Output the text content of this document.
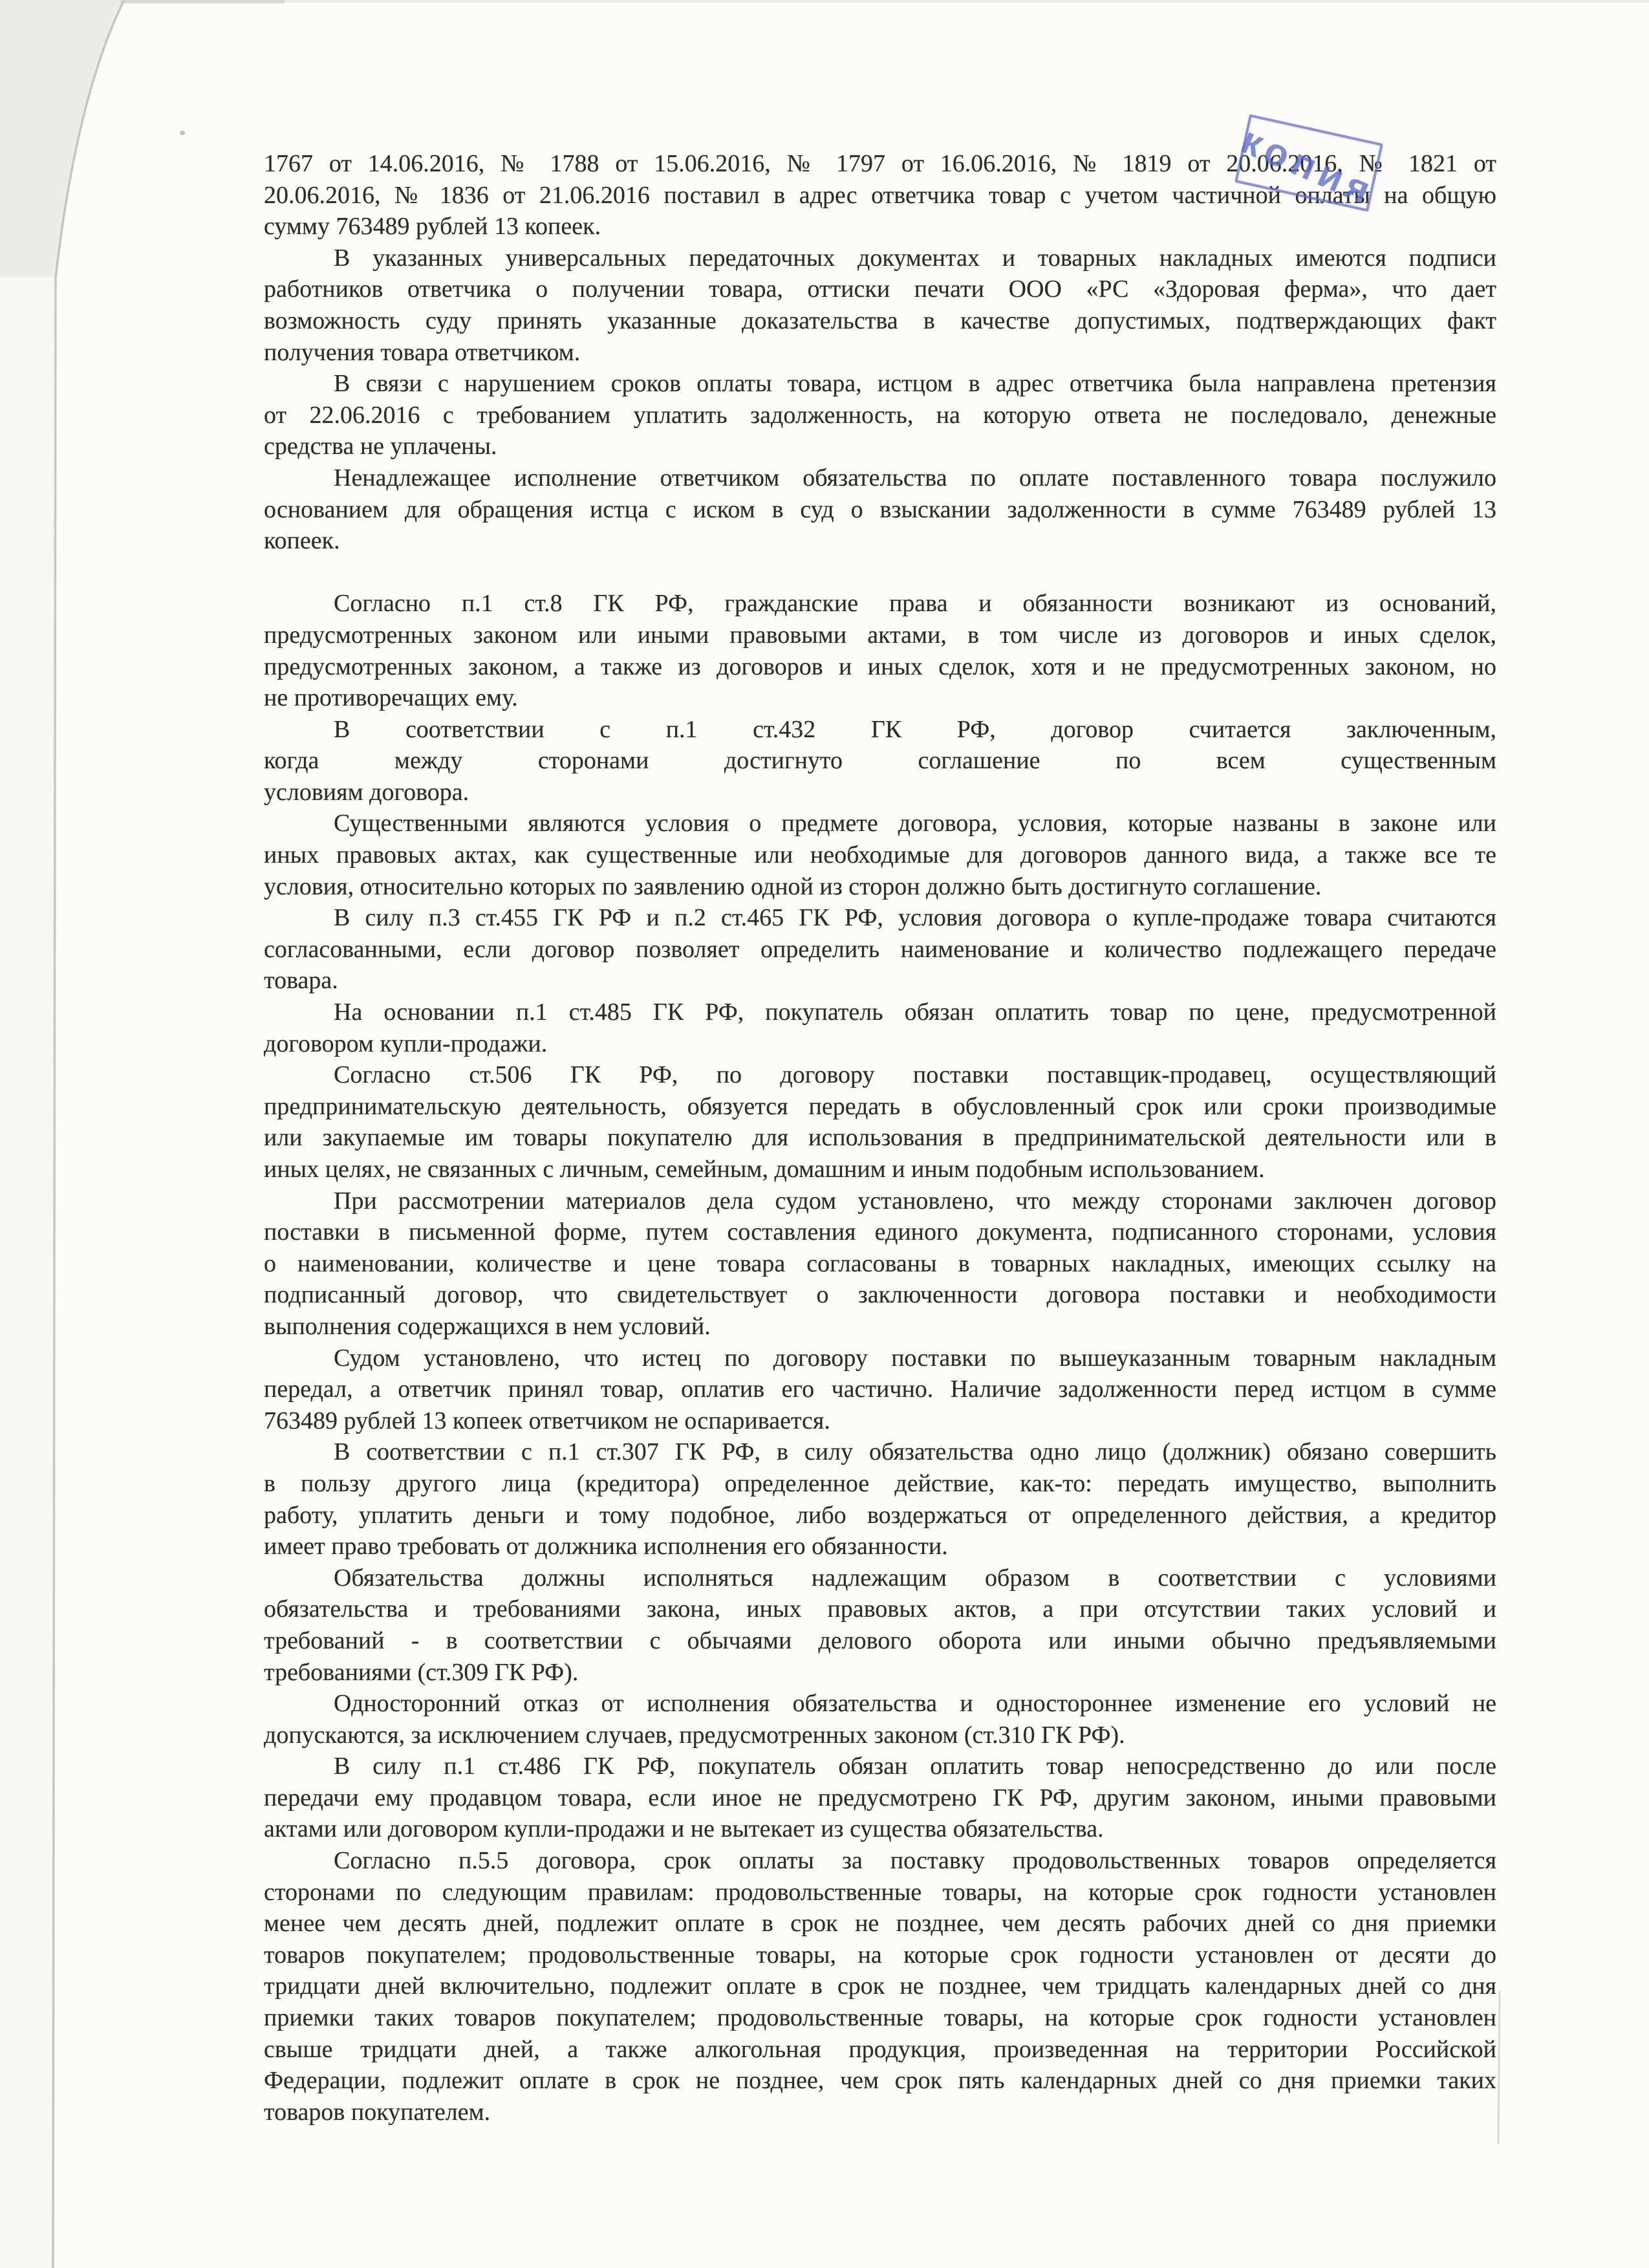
1767 от 14.06.2016, № 1788 от 15.06.2016, № 1797 от 16.06.2016, № 1819 от 20.06.2016, № 1821 от
20.06.2016, № 1836 от 21.06.2016 поставил в адрес ответчика товар с учетом частичной оплаты на общую
сумму 763489 рублей 13 копеек.
В указанных универсальных передаточных документах и товарных накладных имеются подписи
работников ответчика о получении товара, оттиски печати ООО «РС «Здоровая ферма», что дает
возможность суду принять указанные доказательства в качестве допустимых, подтверждающих факт
получения товара ответчиком.
В связи с нарушением сроков оплаты товара, истцом в адрес ответчика была направлена претензия
от 22.06.2016 с требованием уплатить задолженность, на которую ответа не последовало, денежные
средства не уплачены.
Ненадлежащее исполнение ответчиком обязательства по оплате поставленного товара послужило
основанием для обращения истца с иском в суд о взыскании задолженности в сумме 763489 рублей 13
копеек.
Согласно п.1 ст.8 ГК РФ, гражданские права и обязанности возникают из оснований,
предусмотренных законом или иными правовыми актами, в том числе из договоров и иных сделок,
предусмотренных законом, а также из договоров и иных сделок, хотя и не предусмотренных законом, но
не противоречащих ему.
В соответствии с п.1 ст.432 ГК РФ, договор считается заключенным,
когда между сторонами достигнуто соглашение по всем существенным
условиям договора.
Существенными являются условия о предмете договора, условия, которые названы в законе или
иных правовых актах, как существенные или необходимые для договоров данного вида, а также все те
условия, относительно которых по заявлению одной из сторон должно быть достигнуто соглашение.
В силу п.3 ст.455 ГК РФ и п.2 ст.465 ГК РФ, условия договора о купле-продаже товара считаются
согласованными, если договор позволяет определить наименование и количество подлежащего передаче
товара.
На основании п.1 ст.485 ГК РФ, покупатель обязан оплатить товар по цене, предусмотренной
договором купли-продажи.
Согласно ст.506 ГК РФ, по договору поставки поставщик-продавец, осуществляющий
предпринимательскую деятельность, обязуется передать в обусловленный срок или сроки производимые
или закупаемые им товары покупателю для использования в предпринимательской деятельности или в
иных целях, не связанных с личным, семейным, домашним и иным подобным использованием.
При рассмотрении материалов дела судом установлено, что между сторонами заключен договор
поставки в письменной форме, путем составления единого документа, подписанного сторонами, условия
о наименовании, количестве и цене товара согласованы в товарных накладных, имеющих ссылку на
подписанный договор, что свидетельствует о заключенности договора поставки и необходимости
выполнения содержащихся в нем условий.
Судом установлено, что истец по договору поставки по вышеуказанным товарным накладным
передал, а ответчик принял товар, оплатив его частично. Наличие задолженности перед истцом в сумме
763489 рублей 13 копеек ответчиком не оспаривается.
В соответствии с п.1 ст.307 ГК РФ, в силу обязательства одно лицо (должник) обязано совершить
в пользу другого лица (кредитора) определенное действие, как-то: передать имущество, выполнить
работу, уплатить деньги и тому подобное, либо воздержаться от определенного действия, а кредитор
имеет право требовать от должника исполнения его обязанности.
Обязательства должны исполняться надлежащим образом в соответствии с условиями
обязательства и требованиями закона, иных правовых актов, а при отсутствии таких условий и
требований - в соответствии с обычаями делового оборота или иными обычно предъявляемыми
требованиями (ст.309 ГК РФ).
Односторонний отказ от исполнения обязательства и одностороннее изменение его условий не
допускаются, за исключением случаев, предусмотренных законом (ст.310 ГК РФ).
В силу п.1 ст.486 ГК РФ, покупатель обязан оплатить товар непосредственно до или после
передачи ему продавцом товара, если иное не предусмотрено ГК РФ, другим законом, иными правовыми
актами или договором купли-продажи и не вытекает из существа обязательства.
Согласно п.5.5 договора, срок оплаты за поставку продовольственных товаров определяется
сторонами по следующим правилам: продовольственные товары, на которые срок годности установлен
менее чем десять дней, подлежит оплате в срок не позднее, чем десять рабочих дней со дня приемки
товаров покупателем; продовольственные товары, на которые срок годности установлен от десяти до
тридцати дней включительно, подлежит оплате в срок не позднее, чем тридцать календарных дней со дня
приемки таких товаров покупателем; продовольственные товары, на которые срок годности установлен
свыше тридцати дней, а также алкогольная продукция, произведенная на территории Российской
Федерации, подлежит оплате в срок не позднее, чем срок пять календарных дней со дня приемки таких
товаров покупателем.
копия
